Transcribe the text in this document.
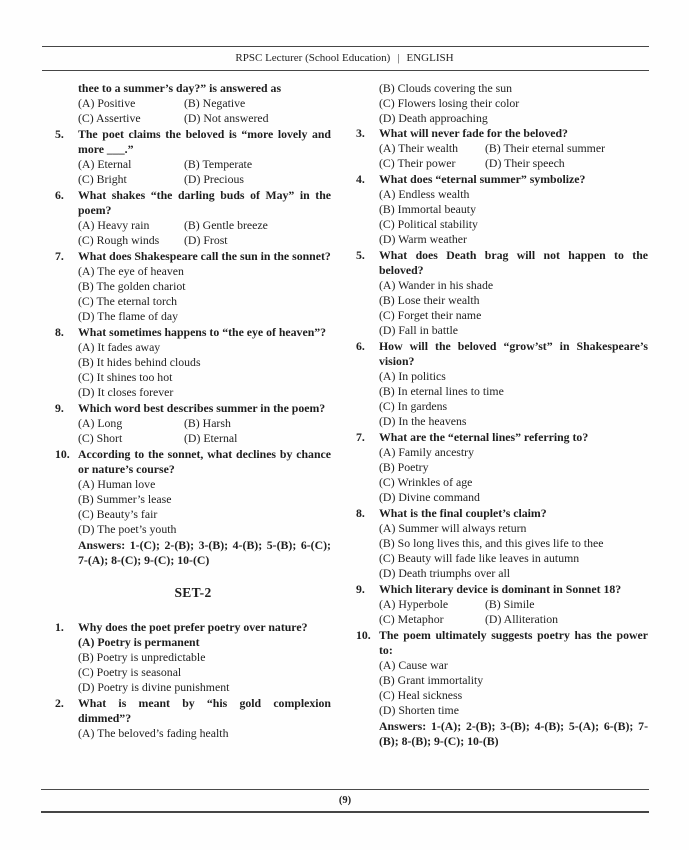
RPSC Lecturer (School Education) | ENGLISH
thee to a summer’s day?” is answered as
(A) Positive	(B) Negative
(C) Assertive	(D) Not answered
5.	The poet claims the beloved is “more lovely and more ___.”
(A) Eternal	(B) Temperate
(C) Bright	(D) Precious
6.	What shakes “the darling buds of May” in the poem?
(A) Heavy rain	(B) Gentle breeze
(C) Rough winds	(D) Frost
7.	What does Shakespeare call the sun in the sonnet?
(A) The eye of heaven
(B) The golden chariot
(C) The eternal torch
(D) The flame of day
8.	What sometimes happens to “the eye of heaven”?
(A) It fades away
(B) It hides behind clouds
(C) It shines too hot
(D) It closes forever
9.	Which word best describes summer in the poem?
(A) Long	(B) Harsh
(C) Short	(D) Eternal
10. According to the sonnet, what declines by chance or nature’s course?
(A) Human love
(B) Summer’s lease
(C) Beauty’s fair
(D) The poet’s youth
Answers: 1-(C); 2-(B); 3-(B); 4-(B); 5-(B); 6-(C); 7-(A); 8-(C); 9-(C); 10-(C)
SET-2
1.	Why does the poet prefer poetry over nature?
(A) Poetry is permanent
(B) Poetry is unpredictable
(C) Poetry is seasonal
(D) Poetry is divine punishment
2.	What is meant by “his gold complexion dimmed”?
(A) The beloved’s fading health
(B) Clouds covering the sun
(C) Flowers losing their color
(D) Death approaching
3.	What will never fade for the beloved?
(A) Their wealth	(B) Their eternal summer
(C) Their power	(D) Their speech
4.	What does “eternal summer” symbolize?
(A) Endless wealth
(B) Immortal beauty
(C) Political stability
(D) Warm weather
5.	What does Death brag will not happen to the beloved?
(A) Wander in his shade
(B) Lose their wealth
(C) Forget their name
(D) Fall in battle
6.	How will the beloved “grow’st” in Shakespeare’s vision?
(A) In politics
(B) In eternal lines to time
(C) In gardens
(D) In the heavens
7.	What are the “eternal lines” referring to?
(A) Family ancestry
(B) Poetry
(C) Wrinkles of age
(D) Divine command
8.	What is the final couplet’s claim?
(A) Summer will always return
(B) So long lives this, and this gives life to thee
(C) Beauty will fade like leaves in autumn
(D) Death triumphs over all
9.	Which literary device is dominant in Sonnet 18?
(A) Hyperbole	(B) Simile
(C) Metaphor	(D) Alliteration
10. The poem ultimately suggests poetry has the power to:
(A) Cause war
(B) Grant immortality
(C) Heal sickness
(D) Shorten time
Answers: 1-(A); 2-(B); 3-(B); 4-(B); 5-(A); 6-(B); 7-(B); 8-(B); 9-(C); 10-(B)
(9)
